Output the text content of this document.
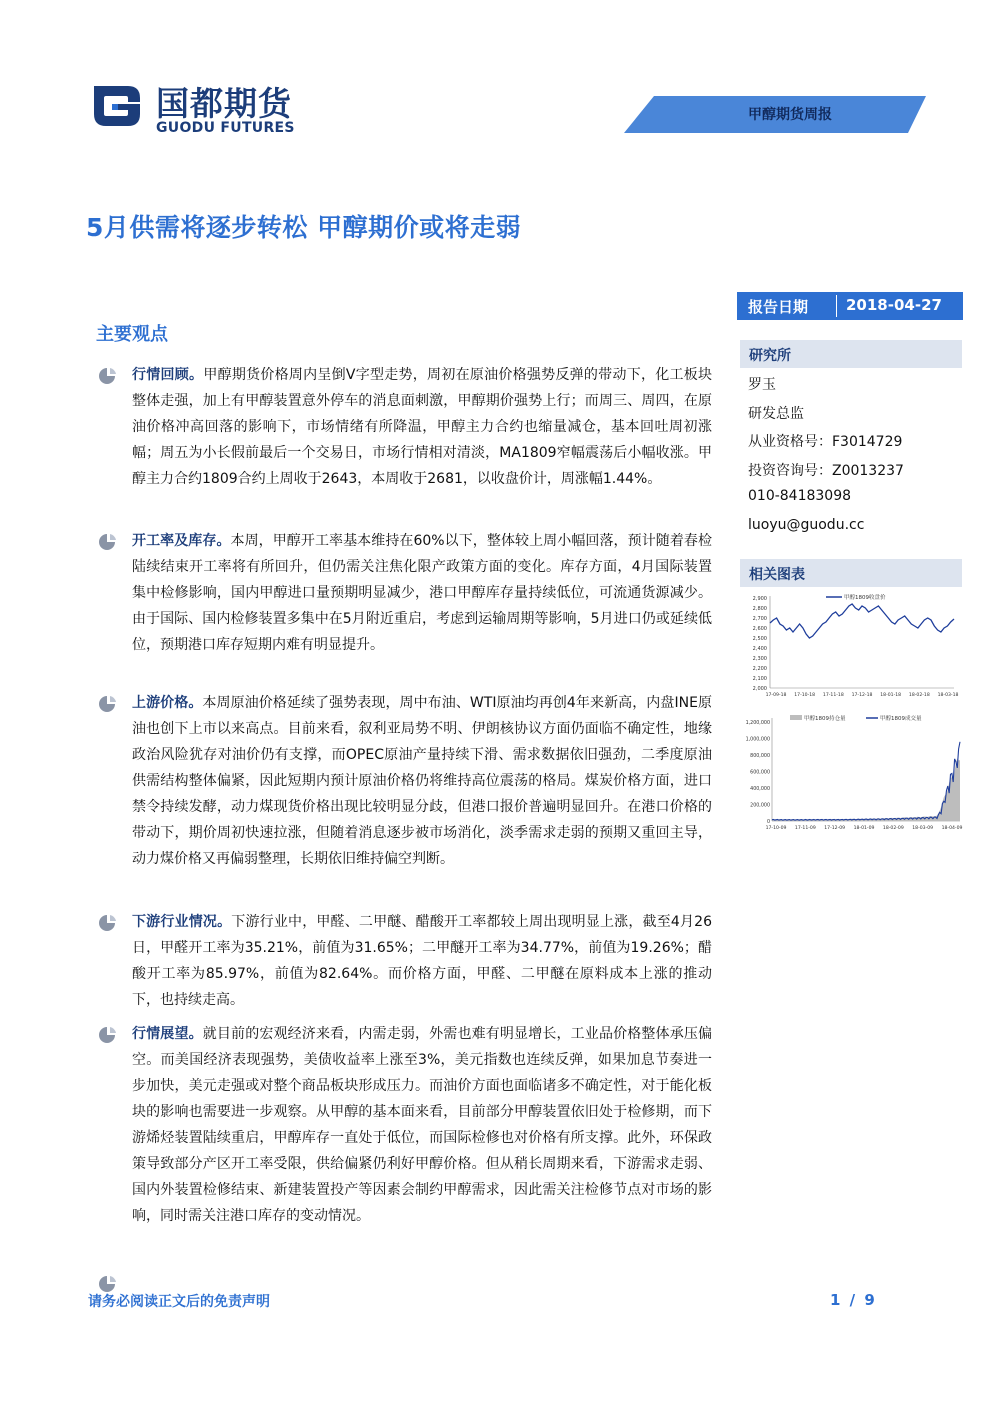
国都期货
GUODU FUTURES
甲醇期货周报
5月供需将逐步转松 甲醇期价或将走弱
报告日期	2018-04-27
研究所
罗玉
研发总监
从业资格号：F3014729
投资咨询号：Z0013237
010-84183098
luoyu@guodu.cc
相关图表
2,000
2,100
2,200
2,300
2,400
2,500
2,600
2,700
2,800
2,900
17-09-18 17-10-18 17-11-18 17-12-18 18-01-18 18-02-18 18-03-18
甲醇1809收盘价
0
200,000
400,000
600,000
800,000
1,000,000
1,200,000
17-10-09 17-11-09 17-12-09 18-01-09 18-02-09 18-03-09 18-04-09
甲醇1809持仓量	甲醇1809成交量
主要观点
行情回顾。甲醇期货价格周内呈倒V字型走势，周初在原油价格强势反弹的带动下，化工板块整体走强，加上有甲醇装置意外停车的消息面刺激，甲醇期价强势上行；而周三、周四，在原油价格冲高回落的影响下，市场情绪有所降温，甲醇主力合约也缩量减仓，基本回吐周初涨幅；周五为小长假前最后一个交易日，市场行情相对清淡，MA1809窄幅震荡后小幅收涨。甲醇主力合约1809合约上周收于2643，本周收于2681，以收盘价计，周涨幅1.44%。
开工率及库存。本周，甲醇开工率基本维持在60%以下，整体较上周小幅回落，预计随着春检陆续结束开工率将有所回升，但仍需关注焦化限产政策方面的变化。库存方面，4月国际装置集中检修影响，国内甲醇进口量预期明显减少，港口甲醇库存量持续低位，可流通货源减少。由于国际、国内检修装置多集中在5月附近重启，考虑到运输周期等影响，5月进口仍或延续低位，预期港口库存短期内难有明显提升。
上游价格。本周原油价格延续了强势表现，周中布油、WTI原油均再创4年来新高，内盘INE原油也创下上市以来高点。目前来看，叙利亚局势不明、伊朗核协议方面仍面临不确定性，地缘政治风险犹存对油价仍有支撑，而OPEC原油产量持续下滑、需求数据依旧强劲，二季度原油供需结构整体偏紧，因此短期内预计原油价格仍将维持高位震荡的格局。煤炭价格方面，进口禁令持续发酵，动力煤现货价格出现比较明显分歧，但港口报价普遍明显回升。在港口价格的带动下，期价周初快速拉涨，但随着消息逐步被市场消化，淡季需求走弱的预期又重回主导，动力煤价格又再偏弱整理，长期依旧维持偏空判断。
下游行业情况。下游行业中，甲醛、二甲醚、醋酸开工率都较上周出现明显上涨，截至4月26日，甲醛开工率为35.21%，前值为31.65%；二甲醚开工率为34.77%，前值为19.26%；醋酸开工率为85.97%，前值为82.64%。而价格方面，甲醛、二甲醚在原料成本上涨的推动下，也持续走高。
行情展望。就目前的宏观经济来看，内需走弱，外需也难有明显增长，工业品价格整体承压偏空。而美国经济表现强势，美债收益率上涨至3%，美元指数也连续反弹，如果加息节奏进一步加快，美元走强或对整个商品板块形成压力。而油价方面也面临诸多不确定性，对于能化板块的影响也需要进一步观察。从甲醇的基本面来看，目前部分甲醇装置依旧处于检修期，而下游烯烃装置陆续重启，甲醇库存一直处于低位，而国际检修也对价格有所支撑。此外，环保政策导致部分产区开工率受限，供给偏紧仍利好甲醇价格。但从稍长周期来看，下游需求走弱、国内外装置检修结束、新建装置投产等因素会制约甲醇需求，因此需关注检修节点对市场的影响，同时需关注港口库存的变动情况。
请务必阅读正文后的免责声明	1 / 9
